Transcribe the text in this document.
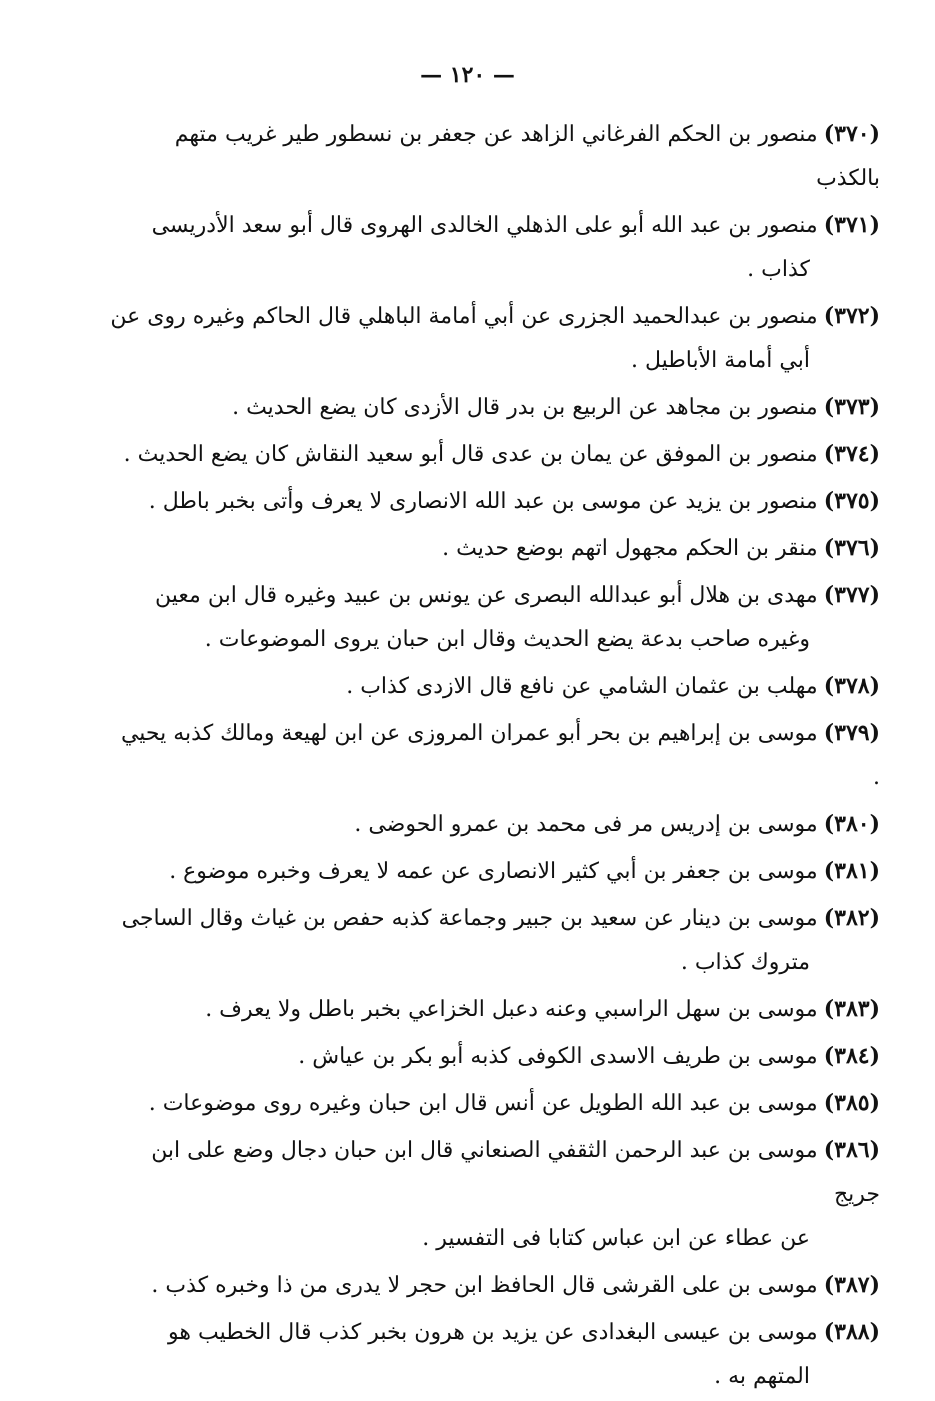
— ١٢٠ —
(٣٧٠)منصور بن الحكم الفرغاني الزاهد عن جعفر بن نسطور طير غريب متهم بالكذب
(٣٧١)منصور بن عبد الله أبو على الذهلي الخالدى الهروى قال أبو سعد الأدريسى
كذاب .
(٣٧٢)منصور بن عبدالحميد الجزرى عن أبي أمامة الباهلي قال الحاكم وغيره روى عن
أبي أمامة الأباطيل .
(٣٧٣)منصور بن مجاهد عن الربيع بن بدر قال الأزدى كان يضع الحديث .
(٣٧٤)منصور بن الموفق عن يمان بن عدى قال أبو سعيد النقاش كان يضع الحديث .
(٣٧٥)منصور بن يزيد عن موسى بن عبد الله الانصارى لا يعرف وأتى بخبر باطل .
(٣٧٦)منقر بن الحكم مجهول اتهم بوضع حديث .
(٣٧٧)مهدى بن هلال أبو عبدالله البصرى عن يونس بن عبيد وغيره قال ابن معين
وغيره صاحب بدعة يضع الحديث وقال ابن حبان يروى الموضوعات .
(٣٧٨)مهلب بن عثمان الشامي عن نافع قال الازدى كذاب .
(٣٧٩)موسى بن إبراهيم بن بحر أبو عمران المروزى عن ابن لهيعة ومالك كذبه يحيي .
(٣٨٠)موسى بن إدريس مر فى محمد بن عمرو الحوضى .
(٣٨١)موسى بن جعفر بن أبي كثير الانصارى عن عمه لا يعرف وخبره موضوع .
(٣٨٢)موسى بن دينار عن سعيد بن جبير وجماعة كذبه حفص بن غياث وقال الساجى
متروك كذاب .
(٣٨٣)موسى بن سهل الراسبي وعنه دعبل الخزاعي بخبر باطل ولا يعرف .
(٣٨٤)موسى بن طريف الاسدى الكوفى كذبه أبو بكر بن عياش .
(٣٨٥)موسى بن عبد الله الطويل عن أنس قال ابن حبان وغيره روى موضوعات .
(٣٨٦)موسى بن عبد الرحمن الثقفي الصنعاني قال ابن حبان دجال وضع على ابن جريج
عن عطاء عن ابن عباس كتابا فى التفسير .
(٣٨٧)موسى بن على القرشى قال الحافظ ابن حجر لا يدرى من ذا وخبره كذب .
(٣٨٨)موسى بن عيسى البغدادى عن يزيد بن هرون بخبر كذب قال الخطيب هو
المتهم به .
